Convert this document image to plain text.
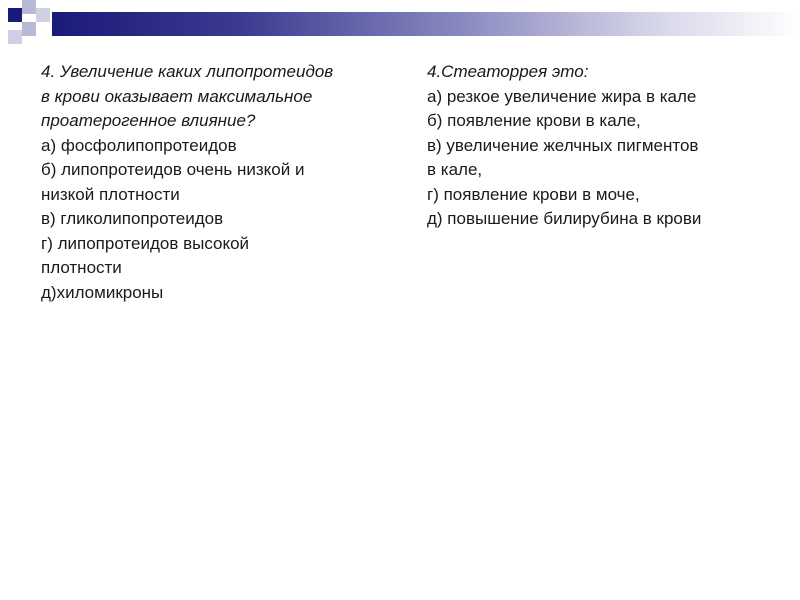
4. Увеличение каких липопротеидов
в крови оказывает максимальное
проатерогенное влияние?
а) фосфолипопротеидов
б) липопротеидов очень низкой и
низкой плотности
в) гликолипопротеидов
г) липопротеидов высокой
плотности
д)хиломикроны
4.Стеаторрея это:
а) резкое увеличение жира в кале
б) появление крови в кале,
в) увеличение желчных пигментов
в кале,
г) появление крови в моче,
д) повышение билирубина в крови
